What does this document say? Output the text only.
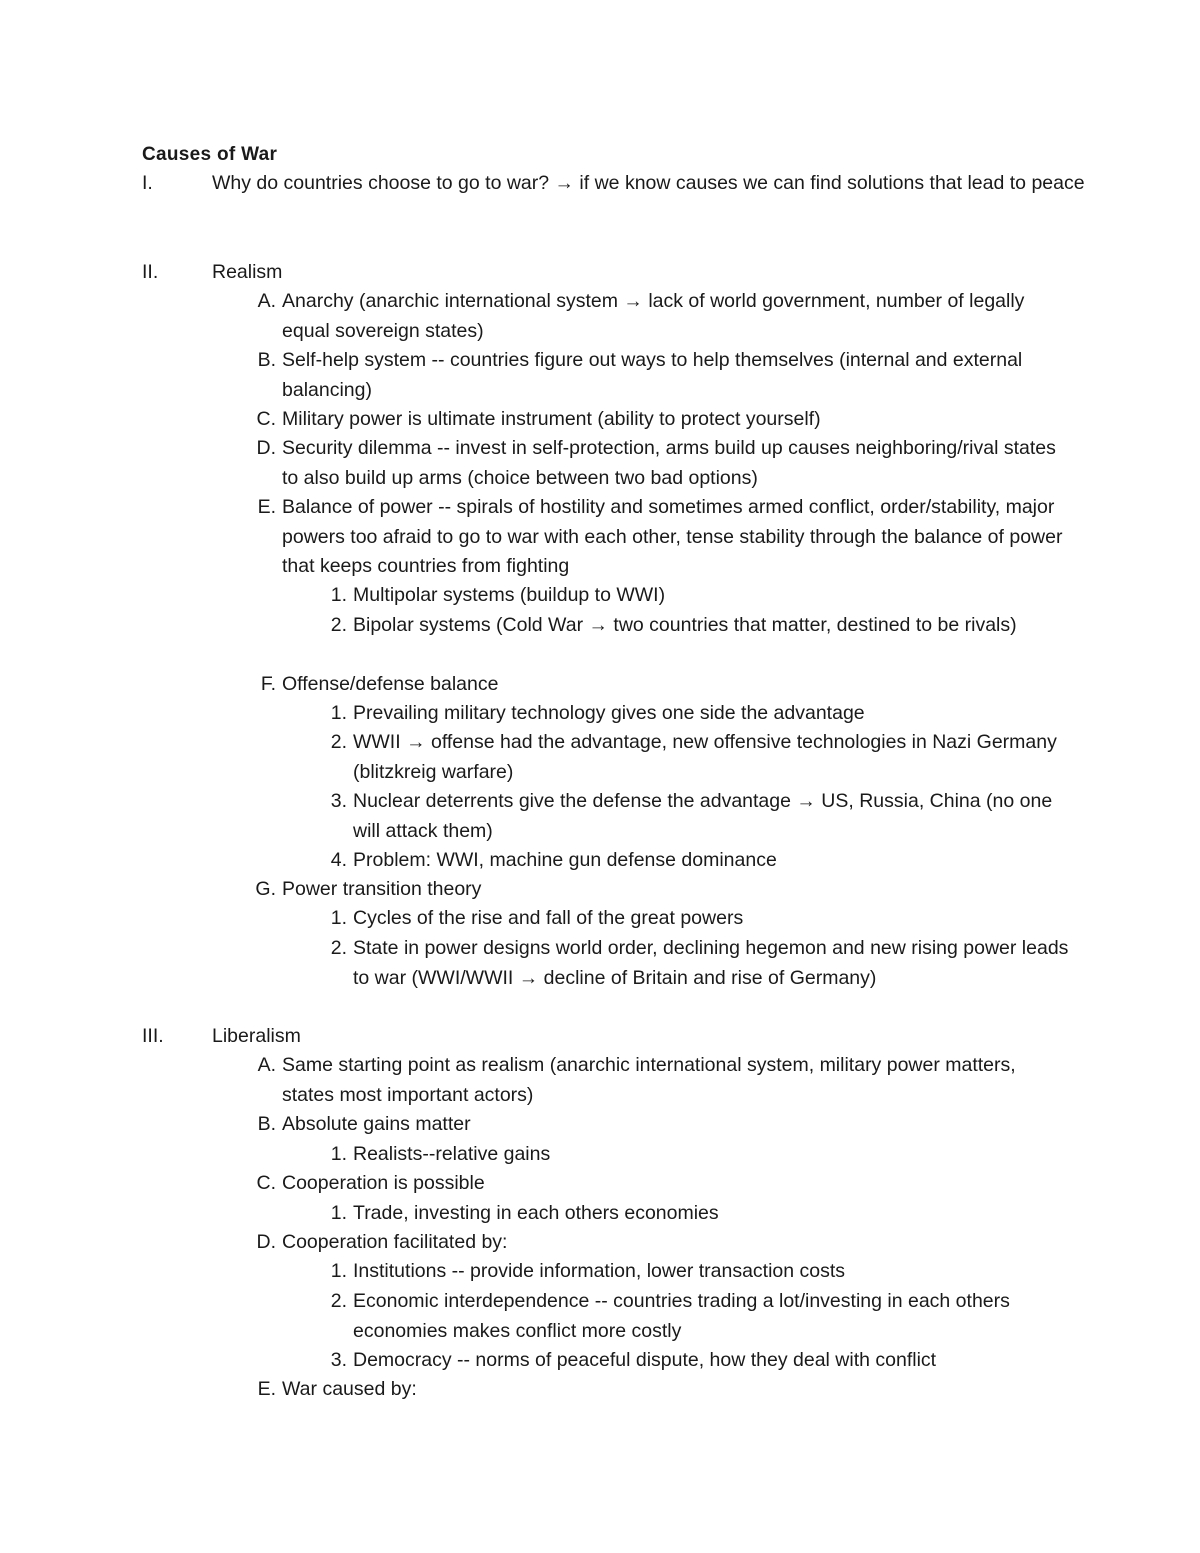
Causes of War
I.	Why do countries choose to go to war? → if we know causes we can find solutions that lead to peace
II.	Realism
A. Anarchy (anarchic international system → lack of world government, number of legally equal sovereign states)
B. Self-help system -- countries figure out ways to help themselves (internal and external balancing)
C. Military power is ultimate instrument (ability to protect yourself)
D. Security dilemma -- invest in self-protection, arms build up causes neighboring/rival states to also build up arms (choice between two bad options)
E. Balance of power -- spirals of hostility and sometimes armed conflict, order/stability, major powers too afraid to go to war with each other, tense stability through the balance of power that keeps countries from fighting
1. Multipolar systems (buildup to WWI)
2. Bipolar systems (Cold War → two countries that matter, destined to be rivals)
F. Offense/defense balance
1. Prevailing military technology gives one side the advantage
2. WWII → offense had the advantage, new offensive technologies in Nazi Germany (blitzkreig warfare)
3. Nuclear deterrents give the defense the advantage → US, Russia, China (no one will attack them)
4. Problem: WWI, machine gun defense dominance
G. Power transition theory
1. Cycles of the rise and fall of the great powers
2. State in power designs world order, declining hegemon and new rising power leads to war (WWI/WWII → decline of Britain and rise of Germany)
III.	Liberalism
A. Same starting point as realism (anarchic international system, military power matters, states most important actors)
B. Absolute gains matter
1. Realists--relative gains
C. Cooperation is possible
1. Trade, investing in each others economies
D. Cooperation facilitated by:
1. Institutions -- provide information, lower transaction costs
2. Economic interdependence -- countries trading a lot/investing in each others economies makes conflict more costly
3. Democracy -- norms of peaceful dispute, how they deal with conflict
E. War caused by:
